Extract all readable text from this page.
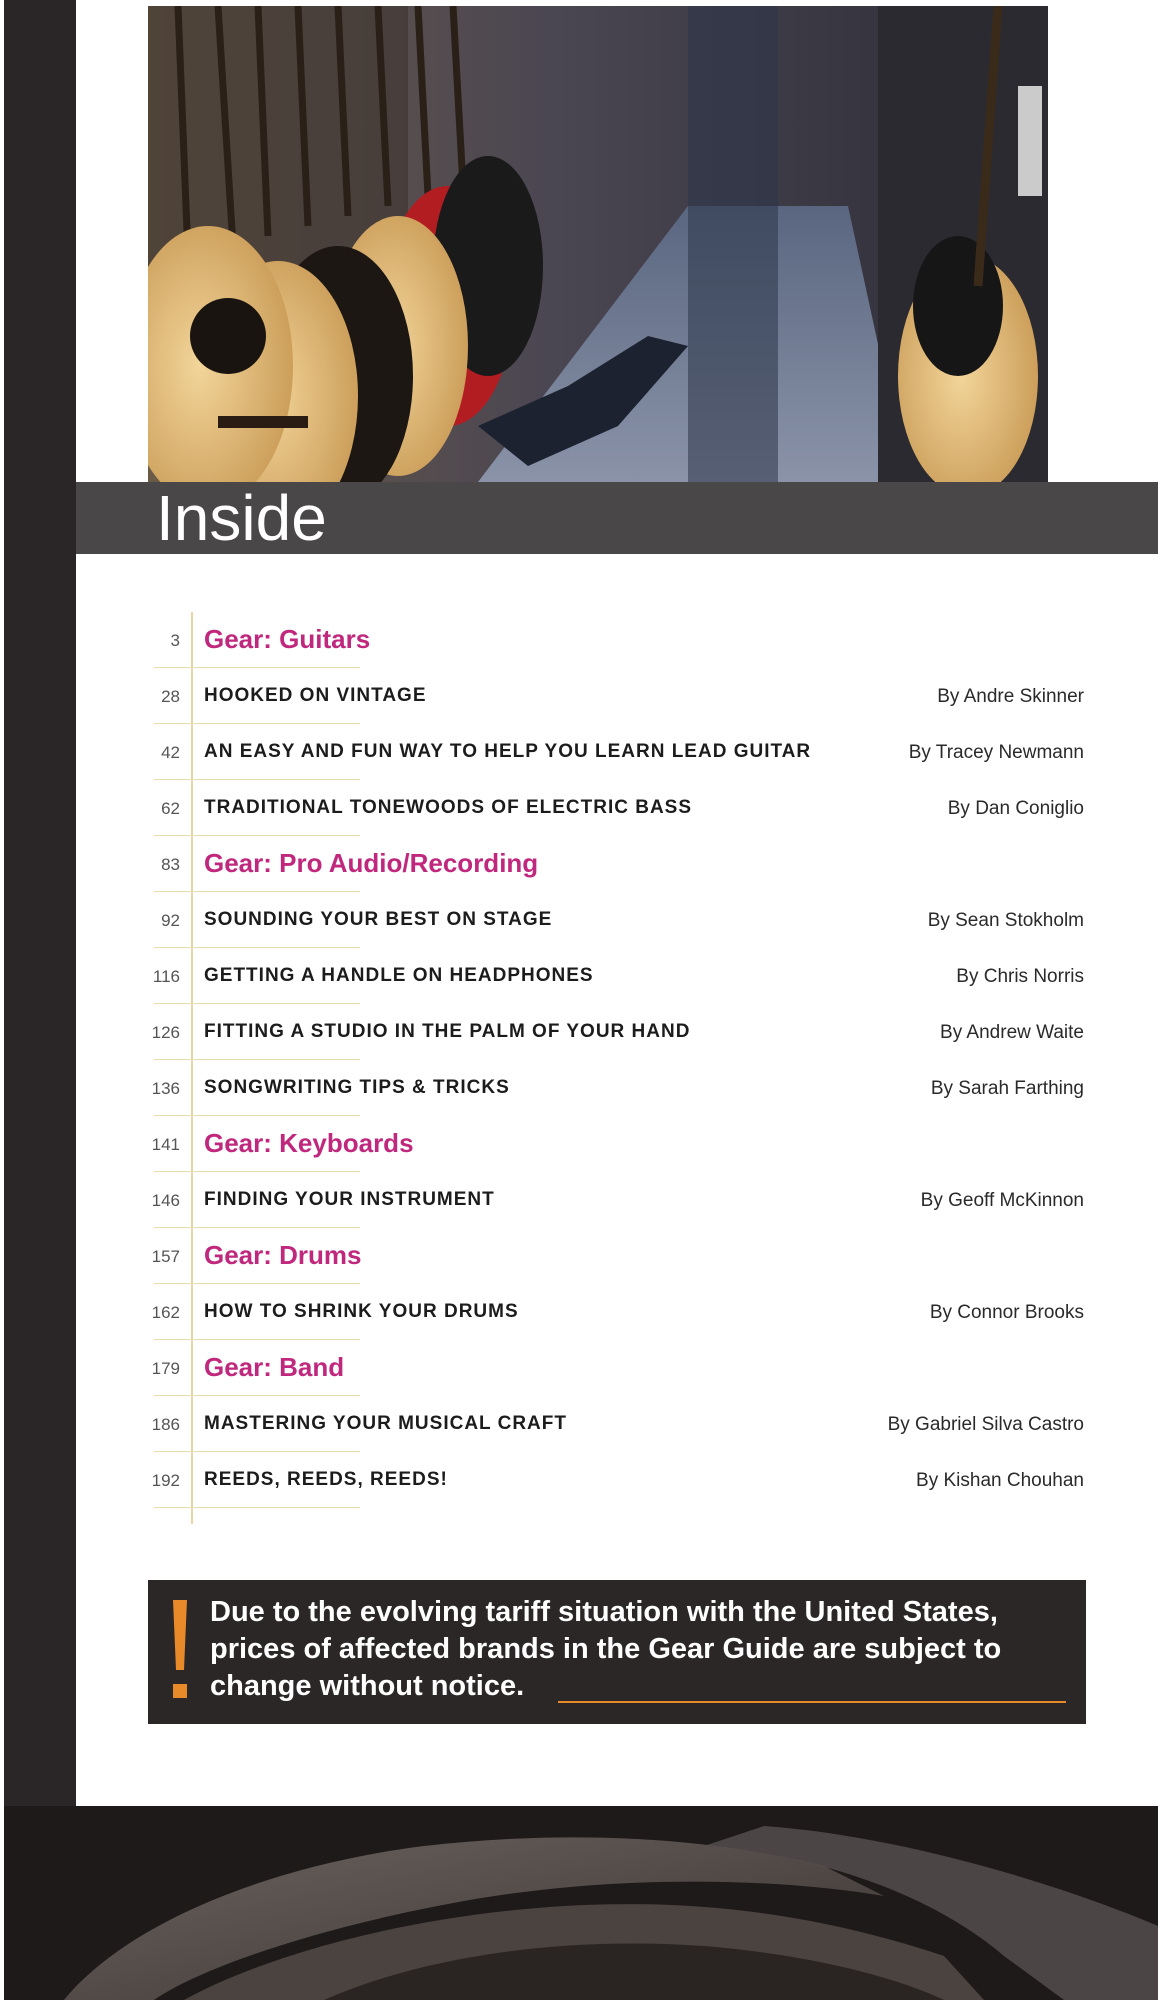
Inside
3 Gear: Guitars
28 HOOKED ON VINTAGE	By Andre Skinner
42 AN EASY AND FUN WAY TO HELP YOU LEARN LEAD GUITAR	By Tracey Newmann
62 TRADITIONAL TONEWOODS OF ELECTRIC BASS	By Dan Coniglio
83 Gear: Pro Audio/Recording
92 SOUNDING YOUR BEST ON STAGE	By Sean Stokholm
116 GETTING A HANDLE ON HEADPHONES	By Chris Norris
126 FITTING A STUDIO IN THE PALM OF YOUR HAND	By Andrew Waite
136 SONGWRITING TIPS & TRICKS	By Sarah Farthing
141 Gear: Keyboards
146 FINDING YOUR INSTRUMENT	By Geoff McKinnon
157 Gear: Drums
162 HOW TO SHRINK YOUR DRUMS	By Connor Brooks
179 Gear: Band
186 MASTERING YOUR MUSICAL CRAFT	By Gabriel Silva Castro
192 REEDS, REEDS, REEDS!	By Kishan Chouhan
Due to the evolving tariff situation with the United States, prices of affected brands in the Gear Guide are subject to change without notice.
